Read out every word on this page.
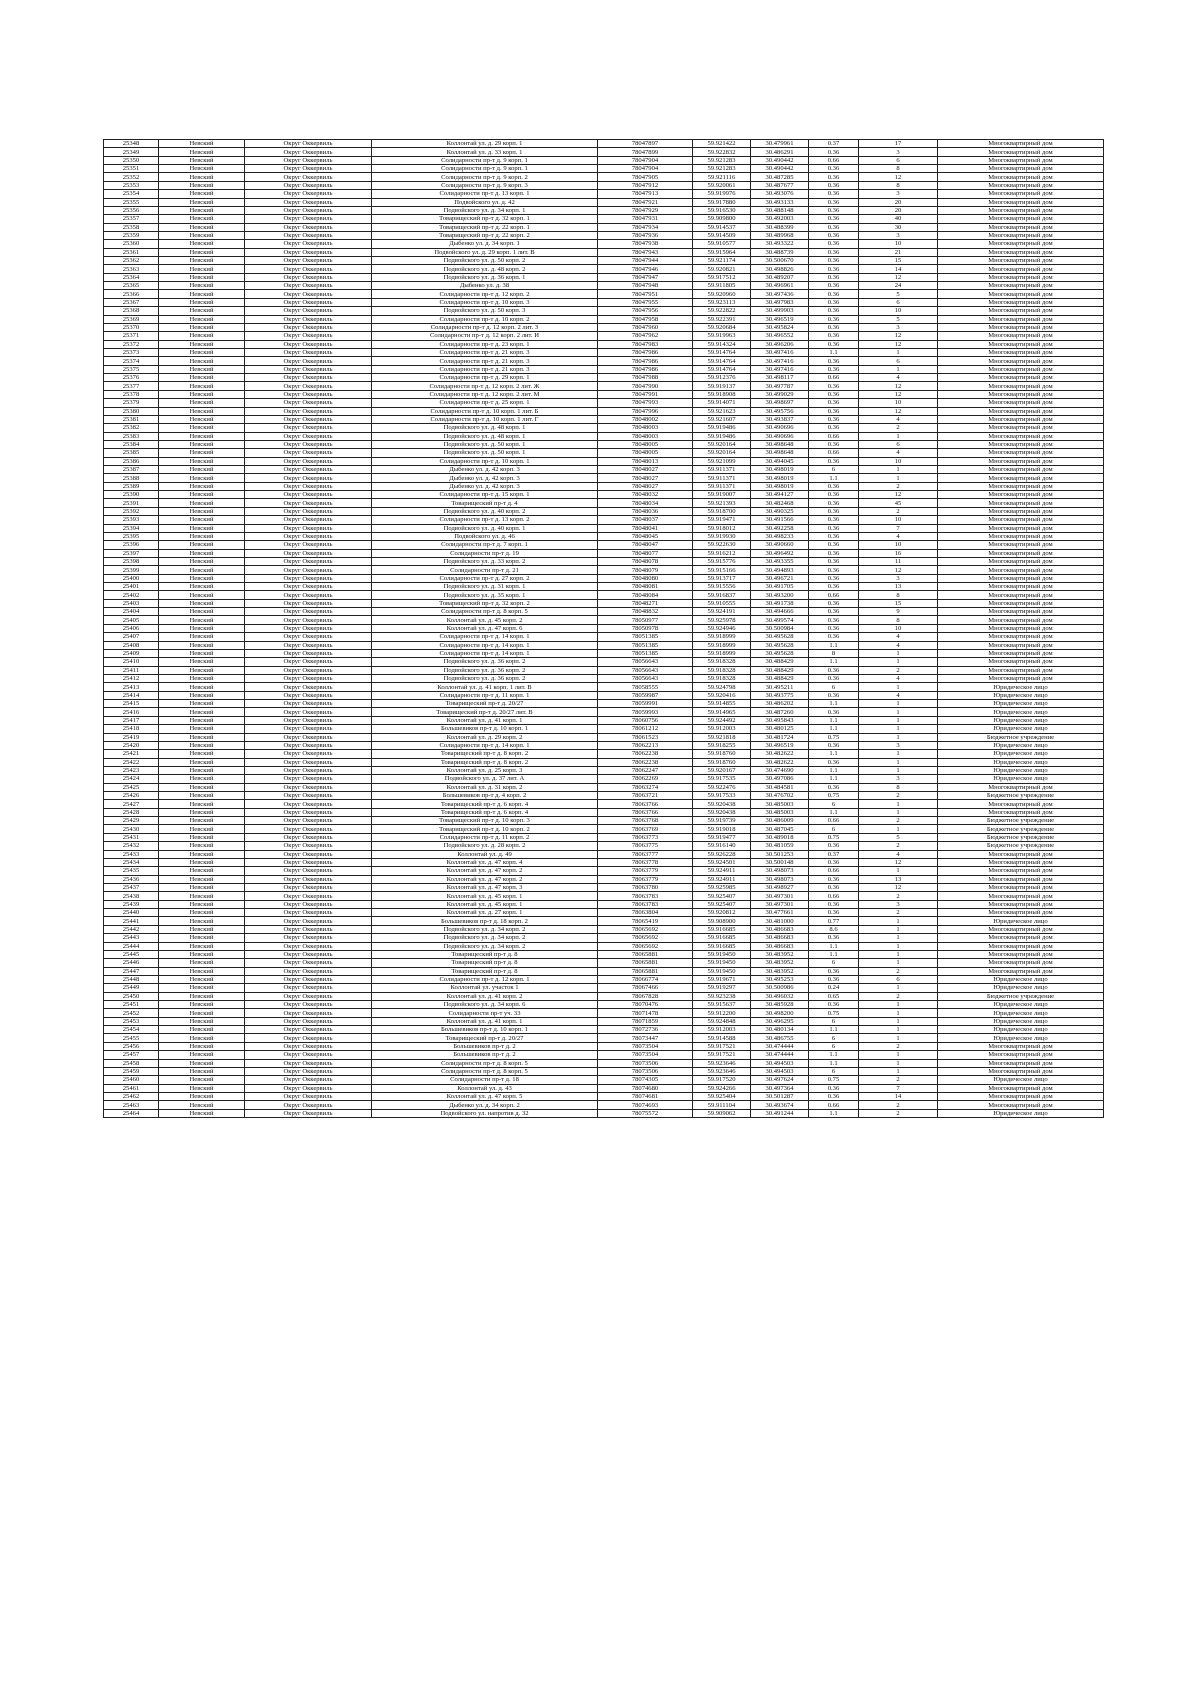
25348	Невский	Округ Оккервиль	Коллонтай ул. д. 29 корп. 1	78047897	59.921422	30.479961	0.37	17	Многоквартирный дом
25349	Невский	Округ Оккервиль	Коллонтай ул. д. 33 корп. 1	78047899	59.922832	30.486291	0.36	3	Многоквартирный дом
25350	Невский	Округ Оккервиль	Солидарности пр-т д. 9 корп. 1	78047904	59.921283	30.490442	0.66	6	Многоквартирный дом
25351	Невский	Округ Оккервиль	Солидарности пр-т д. 9 корп. 1	78047904	59.921283	30.490442	0.36	8	Многоквартирный дом
25352	Невский	Округ Оккервиль	Солидарности пр-т д. 9 корп. 2	78047905	59.921116	30.487285	0.36	12	Многоквартирный дом
25353	Невский	Округ Оккервиль	Солидарности пр-т д. 9 корп. 3	78047912	59.920061	30.487677	0.36	8	Многоквартирный дом
25354	Невский	Округ Оккервиль	Солидарности пр-т д. 13 корп. 1	78047913	59.919976	30.493076	0.36	3	Многоквартирный дом
25355	Невский	Округ Оккервиль	Подвойского ул. д. 42	78047921	59.917880	30.493133	0.36	20	Многоквартирный дом
25356	Невский	Округ Оккервиль	Подвойского ул. д. 34 корп. 1	78047929	59.916530	30.488148	0.36	20	Многоквартирный дом
25357	Невский	Округ Оккервиль	Товарищеский пр-т д. 32 корп. 1	78047931	59.909800	30.492003	0.36	40	Многоквартирный дом
25358	Невский	Округ Оккервиль	Товарищеский пр-т д. 22 корп. 1	78047934	59.914537	30.488399	0.36	30	Многоквартирный дом
25359	Невский	Округ Оккервиль	Товарищеский пр-т д. 22 корп. 2	78047936	59.914509	30.489968	0.36	3	Многоквартирный дом
25360	Невский	Округ Оккервиль	Дыбенко ул. д. 34 корп. 1	78047938	59.910577	30.493322	0.36	10	Многоквартирный дом
25361	Невский	Округ Оккервиль	Подвойского ул. д. 29 корп. 1 лит. В	78047943	59.915964	30.488739	0.36	21	Многоквартирный дом
25362	Невский	Округ Оккервиль	Подвойского ул. д. 50 корп. 2	78047944	59.921174	30.500670	0.36	15	Многоквартирный дом
25363	Невский	Округ Оккервиль	Подвойского ул. д. 48 корп. 2	78047946	59.920821	30.498826	0.36	14	Многоквартирный дом
25364	Невский	Округ Оккервиль	Подвойского ул. д. 36 корп. 1	78047947	59.917512	30.489207	0.36	12	Многоквартирный дом
25365	Невский	Округ Оккервиль	Дыбенко ул. д. 38	78047948	59.911805	30.496961	0.36	24	Многоквартирный дом
25366	Невский	Округ Оккервиль	Солидарности пр-т д. 12 корп. 2	78047951	59.920960	30.497436	0.36	5	Многоквартирный дом
25367	Невский	Округ Оккервиль	Солидарности пр-т д. 10 корп. 3	78047955	59.923113	30.497983	0.36	6	Многоквартирный дом
25368	Невский	Округ Оккервиль	Подвойского ул. д. 50 корп. 3	78047956	59.922822	30.499903	0.36	10	Многоквартирный дом
25369	Невский	Округ Оккервиль	Солидарности пр-т д. 10 корп. 2	78047958	59.922391	30.496519	0.36	5	Многоквартирный дом
25370	Невский	Округ Оккервиль	Солидарности пр-т д. 12 корп. 2 лит. З	78047960	59.920684	30.495824	0.36	3	Многоквартирный дом
25371	Невский	Округ Оккервиль	Солидарности пр-т д. 12 корп. 2 лит. И	78047962	59.919963	30.496552	0.36	12	Многоквартирный дом
25372	Невский	Округ Оккервиль	Солидарности пр-т д. 23 корп. 1	78047983	59.914324	30.496206	0.36	12	Многоквартирный дом
25373	Невский	Округ Оккервиль	Солидарности пр-т д. 21 корп. 3	78047986	59.914764	30.497416	1.1	1	Многоквартирный дом
25374	Невский	Округ Оккервиль	Солидарности пр-т д. 21 корп. 3	78047986	59.914764	30.497416	0.36	6	Многоквартирный дом
25375	Невский	Округ Оккервиль	Солидарности пр-т д. 21 корп. 3	78047986	59.914764	30.497416	0.36	1	Многоквартирный дом
25376	Невский	Округ Оккервиль	Солидарности пр-т д. 29 корп. 1	78047988	59.912376	30.498117	0.66	4	Многоквартирный дом
25377	Невский	Округ Оккервиль	Солидарности пр-т д. 12 корп. 2 лит. Ж	78047990	59.919137	30.497787	0.36	12	Многоквартирный дом
25378	Невский	Округ Оккервиль	Солидарности пр-т д. 12 корп. 2 лит. М	78047991	59.918908	30.499029	0.36	12	Многоквартирный дом
25379	Невский	Округ Оккервиль	Солидарности пр-т д. 25 корп. 1	78047993	59.914071	30.498697	0.36	10	Многоквартирный дом
25380	Невский	Округ Оккервиль	Солидарности пр-т д. 10 корп. 1 лит. Б	78047996	59.921623	30.495756	0.36	12	Многоквартирный дом
25381	Невский	Округ Оккервиль	Солидарности пр-т д. 10 корп. 1 лит. Г	78048002	59.921607	30.493837	0.36	4	Многоквартирный дом
25382	Невский	Округ Оккервиль	Подвойского ул. д. 48 корп. 1	78048003	59.919486	30.490696	0.36	2	Многоквартирный дом
25383	Невский	Округ Оккервиль	Подвойского ул. д. 48 корп. 1	78048003	59.919486	30.490696	0.66	1	Многоквартирный дом
25384	Невский	Округ Оккервиль	Подвойского ул. д. 50 корп. 1	78048005	59.920164	30.498648	0.36	6	Многоквартирный дом
25385	Невский	Округ Оккервиль	Подвойского ул. д. 50 корп. 1	78048005	59.920164	30.498648	0.66	4	Многоквартирный дом
25386	Невский	Округ Оккервиль	Солидарности пр-т д. 10 корп. 1	78048013	59.921099	30.494045	0.36	10	Многоквартирный дом
25387	Невский	Округ Оккервиль	Дыбенко ул. д. 42 корп. 3	78048027	59.911371	30.498019	6	1	Многоквартирный дом
25388	Невский	Округ Оккервиль	Дыбенко ул. д. 42 корп. 3	78048027	59.911371	30.498019	1.1	1	Многоквартирный дом
25389	Невский	Округ Оккервиль	Дыбенко ул. д. 42 корп. 3	78048027	59.911371	30.498019	0.36	2	Многоквартирный дом
25390	Невский	Округ Оккервиль	Солидарности пр-т д. 15 корп. 1	78048032	59.919007	30.494127	0.36	12	Многоквартирный дом
25391	Невский	Округ Оккервиль	Товарищеский пр-т д. 4	78048034	59.921393	30.482468	0.36	45	Многоквартирный дом
25392	Невский	Округ Оккервиль	Подвойского ул. д. 40 корп. 2	78048036	59.918700	30.490325	0.36	2	Многоквартирный дом
25393	Невский	Округ Оккервиль	Солидарности пр-т д. 13 корп. 2	78048037	59.919471	30.491566	0.36	10	Многоквартирный дом
25394	Невский	Округ Оккервиль	Подвойского ул. д. 40 корп. 1	78048041	59.918012	30.492258	0.36	7	Многоквартирный дом
25395	Невский	Округ Оккервиль	Подвойского ул. д. 46	78048045	59.919930	30.498233	0.36	4	Многоквартирный дом
25396	Невский	Округ Оккервиль	Солидарности пр-т д. 7 корп. 1	78048047	59.922630	30.490660	0.36	10	Многоквартирный дом
25397	Невский	Округ Оккервиль	Солидарности пр-т д. 19	78048077	59.916212	30.496492	0.36	16	Многоквартирный дом
25398	Невский	Округ Оккервиль	Подвойского ул. д. 33 корп. 2	78048078	59.915776	30.493355	0.36	11	Многоквартирный дом
25399	Невский	Округ Оккервиль	Солидарности пр-т д. 21	78048079	59.915166	30.494893	0.36	12	Многоквартирный дом
25400	Невский	Округ Оккервиль	Солидарности пр-т д. 27 корп. 2	78048080	59.913717	30.496721	0.36	3	Многоквартирный дом
25401	Невский	Округ Оккервиль	Подвойского ул. д. 31 корп. 1	78048081	59.915556	30.491705	0.36	13	Многоквартирный дом
25402	Невский	Округ Оккервиль	Подвойского ул. д. 35 корп. 1	78048084	59.916837	30.493200	0.66	8	Многоквартирный дом
25403	Невский	Округ Оккервиль	Товарищеский пр-т д. 32 корп. 2	78048271	59.910555	30.491738	0.36	15	Многоквартирный дом
25404	Невский	Округ Оккервиль	Солидарности пр-т д. 8 корп. 5	78048832	59.924191	30.494666	0.36	9	Многоквартирный дом
25405	Невский	Округ Оккервиль	Коллонтай ул. д. 45 корп. 2	78050977	59.925978	30.499574	0.36	8	Многоквартирный дом
25406	Невский	Округ Оккервиль	Коллонтай ул. д. 47 корп. 6	78050978	59.924946	30.500984	0.36	10	Многоквартирный дом
25407	Невский	Округ Оккервиль	Солидарности пр-т д. 14 корп. 1	78051385	59.918999	30.495628	0.36	4	Многоквартирный дом
25408	Невский	Округ Оккервиль	Солидарности пр-т д. 14 корп. 1	78051385	59.918999	30.495628	1.1	4	Многоквартирный дом
25409	Невский	Округ Оккервиль	Солидарности пр-т д. 14 корп. 1	78051385	59.918999	30.495628	8	1	Многоквартирный дом
25410	Невский	Округ Оккервиль	Подвойского ул. д. 36 корп. 2	78056643	59.918328	30.488429	1.1	1	Многоквартирный дом
25411	Невский	Округ Оккервиль	Подвойского ул. д. 36 корп. 2	78056643	59.918328	30.488429	0.36	2	Многоквартирный дом
25412	Невский	Округ Оккервиль	Подвойского ул. д. 36 корп. 2	78056643	59.918328	30.488429	0.36	4	Многоквартирный дом
25413	Невский	Округ Оккервиль	Коллонтай ул. д. 41 корп. 1 лит. В	78058555	59.924798	30.495211	6	1	Юридическое лицо
25414	Невский	Округ Оккервиль	Солидарности пр-т д. 11 корп. 1	78059987	59.920416	30.493775	0.36	4	Юридическое лицо
25415	Невский	Округ Оккервиль	Товарищеский пр-т д. 20/27	78059991	59.914855	30.486202	1.1	1	Юридическое лицо
25416	Невский	Округ Оккервиль	Товарищеский пр-т д. 20/27 лит. В	78059993	59.914965	30.487260	0.36	1	Юридическое лицо
25417	Невский	Округ Оккервиль	Коллонтай ул. д. 41 корп. 1	78060756	59.924492	30.495843	1.1	1	Юридическое лицо
25418	Невский	Округ Оккервиль	Большевиков пр-т д. 10 корп. 1	78061212	59.912003	30.480125	1.1	1	Юридическое лицо
25419	Невский	Округ Оккервиль	Коллонтай ул. д. 29 корп. 2	78061523	59.921818	30.481724	0.75	1	Бюджетное учреждение
25420	Невский	Округ Оккервиль	Солидарности пр-т д. 14 корп. 1	78062213	59.918255	30.496519	0.36	3	Юридическое лицо
25421	Невский	Округ Оккервиль	Товарищеский пр-т д. 8 корп. 2	78062238	59.918760	30.482622	1.1	1	Юридическое лицо
25422	Невский	Округ Оккервиль	Товарищеский пр-т д. 8 корп. 2	78062238	59.918760	30.482622	0.36	1	Юридическое лицо
25423	Невский	Округ Оккервиль	Коллонтай ул. д. 25 корп. 3	78062247	59.920167	30.474690	1.1	1	Юридическое лицо
25424	Невский	Округ Оккервиль	Подвойского ул. д. 37 лит. А	78062269	59.917535	30.497086	1.1	3	Юридическое лицо
25425	Невский	Округ Оккервиль	Коллонтай ул. д. 31 корп. 2	78063274	59.922476	30.484581	0.36	8	Многоквартирный дом
25426	Невский	Округ Оккервиль	Большевиков пр-т д. 4 корп. 2	78063721	59.917533	30.476702	0.75	2	Бюджетное учреждение
25427	Невский	Округ Оккервиль	Товарищеский пр-т д. 6 корп. 4	78063766	59.920438	30.485003	6	1	Многоквартирный дом
25428	Невский	Округ Оккервиль	Товарищеский пр-т д. 6 корп. 4	78063766	59.920438	30.485003	1.1	1	Многоквартирный дом
25429	Невский	Округ Оккервиль	Товарищеский пр-т д. 10 корп. 3	78063768	59.919739	30.486009	0.66	2	Бюджетное учреждение
25430	Невский	Округ Оккервиль	Товарищеский пр-т д. 10 корп. 2	78063769	59.919018	30.487045	6	1	Бюджетное учреждение
25431	Невский	Округ Оккервиль	Солидарности пр-т д. 11 корп. 2	78063773	59.919477	30.489018	0.75	5	Бюджетное учреждение
25432	Невский	Округ Оккервиль	Подвойского ул. д. 28 корп. 2	78063775	59.916140	30.481059	0.36	2	Бюджетное учреждение
25433	Невский	Округ Оккервиль	Коллонтай ул. д. 49	78063777	59.926228	30.501253	0.37	4	Многоквартирный дом
25434	Невский	Округ Оккервиль	Коллонтай ул. д. 47 корп. 4	78063778	59.924501	30.500148	0.36	12	Многоквартирный дом
25435	Невский	Округ Оккервиль	Коллонтай ул. д. 47 корп. 2	78063779	59.924911	30.498073	0.66	1	Многоквартирный дом
25436	Невский	Округ Оккервиль	Коллонтай ул. д. 47 корп. 2	78063779	59.924911	30.498073	0.36	13	Многоквартирный дом
25437	Невский	Округ Оккервиль	Коллонтай ул. д. 47 корп. 3	78063780	59.925985	30.498927	0.36	12	Многоквартирный дом
25438	Невский	Округ Оккервиль	Коллонтай ул. д. 45 корп. 1	78063783	59.925407	30.497301	0.66	2	Многоквартирный дом
25439	Невский	Округ Оккервиль	Коллонтай ул. д. 45 корп. 1	78063783	59.925407	30.497301	0.36	3	Многоквартирный дом
25440	Невский	Округ Оккервиль	Коллонтай ул. д. 27 корп. 1	78063804	59.920812	30.477661	0.36	2	Многоквартирный дом
25441	Невский	Округ Оккервиль	Большевиков пр-т д. 18 корп. 2	78065419	59.908900	30.481000	0.77	1	Юридическое лицо
25442	Невский	Округ Оккервиль	Подвойского ул. д. 34 корп. 2	78065692	59.916685	30.486683	8.6	1	Многоквартирный дом
25443	Невский	Округ Оккервиль	Подвойского ул. д. 34 корп. 2	78065692	59.916685	30.486683	0.36	1	Многоквартирный дом
25444	Невский	Округ Оккервиль	Подвойского ул. д. 34 корп. 2	78065692	59.916685	30.486683	1.1	1	Многоквартирный дом
25445	Невский	Округ Оккервиль	Товарищеский пр-т д. 8	78065881	59.919450	30.483952	1.1	1	Многоквартирный дом
25446	Невский	Округ Оккервиль	Товарищеский пр-т д. 8	78065881	59.919450	30.483952	6	1	Многоквартирный дом
25447	Невский	Округ Оккервиль	Товарищеский пр-т д. 8	78065881	59.919450	30.483952	0.36	2	Многоквартирный дом
25448	Невский	Округ Оккервиль	Солидарности пр-т д. 12 корп. 1	78066774	59.919671	30.495253	0.36	6	Юридическое лицо
25449	Невский	Округ Оккервиль	Коллонтай ул. участок 1	78067466	59.919297	30.500986	0.24	1	Юридическое лицо
25450	Невский	Округ Оккервиль	Коллонтай ул. д. 41 корп. 2	78067828	59.923238	30.496032	0.65	2	Бюджетное учреждение
25451	Невский	Округ Оккервиль	Подвойского ул. д. 34 корп. 6	78070476	59.915637	30.485928	0.36	1	Юридическое лицо
25452	Невский	Округ Оккервиль	Солидарности пр-т уч. 33	78071478	59.912200	30.498200	0.75	1	Юридическое лицо
25453	Невский	Округ Оккервиль	Коллонтай ул. д. 41 корп. 1	78071859	59.924848	30.496295	6	1	Юридическое лицо
25454	Невский	Округ Оккервиль	Большевиков пр-т д. 10 корп. 1	78072736	59.912003	30.480134	1.1	1	Юридическое лицо
25455	Невский	Округ Оккервиль	Товарищеский пр-т д. 20/27	78073447	59.914588	30.486755	6	1	Юридическое лицо
25456	Невский	Округ Оккервиль	Большевиков пр-т д. 2	78073504	59.917521	30.474444	6	2	Многоквартирный дом
25457	Невский	Округ Оккервиль	Большевиков пр-т д. 2	78073504	59.917521	30.474444	1.1	1	Многоквартирный дом
25458	Невский	Округ Оккервиль	Солидарности пр-т д. 8 корп. 5	78073506	59.923646	30.494503	1.1	1	Многоквартирный дом
25459	Невский	Округ Оккервиль	Солидарности пр-т д. 8 корп. 5	78073506	59.923646	30.494503	6	1	Многоквартирный дом
25460	Невский	Округ Оккервиль	Солидарности пр-т д. 18	78074305	59.917520	30.497624	0.75	2	Юридическое лицо
25461	Невский	Округ Оккервиль	Коллонтай ул. д. 43	78074680	59.924266	30.497364	0.36	7	Многоквартирный дом
25462	Невский	Округ Оккервиль	Коллонтай ул. д. 47 корп. 5	78074681	59.925404	30.501287	0.36	14	Многоквартирный дом
25463	Невский	Округ Оккервиль	Дыбенко ул. д. 34 корп. 2	78074693	59.911104	30.493674	0.66	2	Многоквартирный дом
25464	Невский	Округ Оккервиль	Подвойского ул. напротив д. 32	78075572	59.909062	30.491244	1.1	2	Юридическое лицо
